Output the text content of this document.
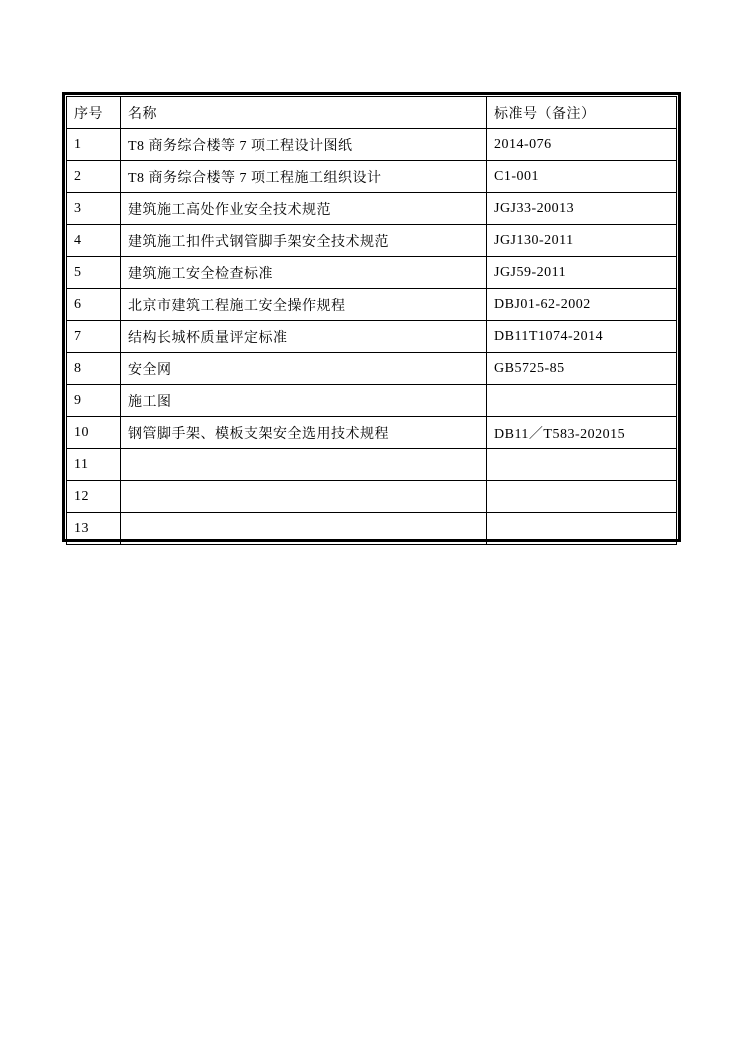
序号	名称	标准号（备注）
1	T8 商务综合楼等 7 项工程设计图纸	2014-076
2	T8 商务综合楼等 7 项工程施工组织设计	C1-001
3	建筑施工高处作业安全技术规范	JGJ33-20013
4	建筑施工扣件式钢管脚手架安全技术规范	JGJ130-2011
5	建筑施工安全检查标准	JGJ59-2011
6	北京市建筑工程施工安全操作规程	DBJ01-62-2002
7	结构长城杯质量评定标准	DB11T1074-2014
8	安全网	GB5725-85
9	施工图	
10	钢管脚手架、模板支架安全选用技术规程	DB11／T583-202015
11		
12		
13		
